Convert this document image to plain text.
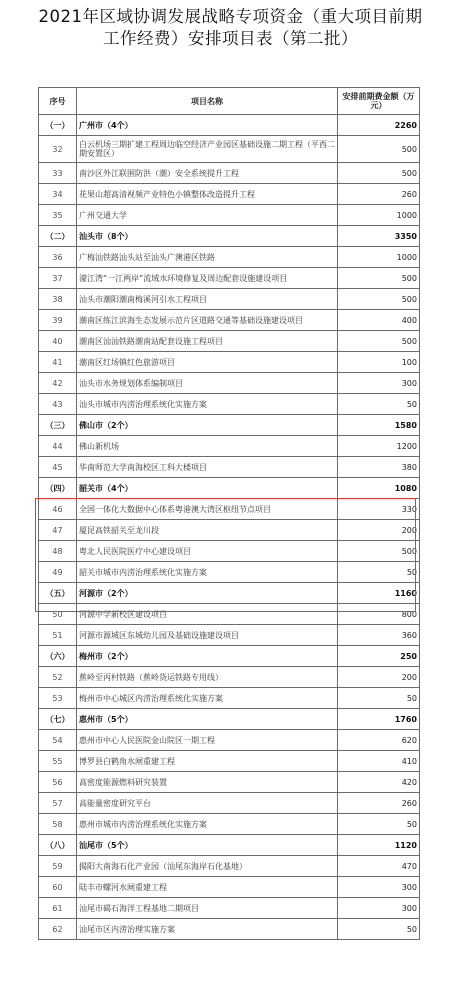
2021年区域协调发展战略专项资金（重大项目前期
工作经费）安排项目表（第二批）
序号	项目名称	安排前期费金额（万元）
（一）	广州市（4个）	2260
32	白云机场三期扩建工程周边临空经济产业园区基础设施二期工程（平西二期安置区）	500
33	南沙区外江联围防洪（潮）安全系统提升工程	500
34	花果山超高清视频产业特色小镇整体改造提升工程	260
35	广州交通大学	1000
（二）	汕头市（8个）	3350
36	广梅汕铁路汕头站至汕头广澳港区铁路	1000
37	濠江湾“一江两岸”流域水环境修复及周边配套设施建设项目	500
38	汕头市潮阳潮南梅溪河引水工程项目	500
39	潮南区练江滨海生态发展示范片区道路交通等基础设施建设项目	400
40	潮南区汕汕铁路潮南站配套设施工程项目	500
41	潮南区红场镇红色旅游项目	100
42	汕头市水务规划体系编制项目	300
43	汕头市城市内涝治理系统化实施方案	50
（三）	佛山市（2个）	1580
44	佛山新机场	1200
45	华南师范大学南海校区工科大楼项目	380
（四）	韶关市（4个）	1080
46	全国一体化大数据中心体系粤港澳大湾区枢纽节点项目	330
47	厦昆高铁韶关至龙川段	200
48	粤北人民医院医疗中心建设项目	500
49	韶关市城市内涝治理系统化实施方案	50
（五）	河源市（2个）	1160
50	河源中学新校区建设项目	800
51	河源市源城区东城幼儿园及基础设施建设项目	360
（六）	梅州市（2个）	250
52	蕉岭至丙村铁路（蕉岭货运铁路专用线）	200
53	梅州市中心城区内涝治理系统化实施方案	50
（七）	惠州市（5个）	1760
54	惠州市中心人民医院金山院区一期工程	620
55	博罗县白鹤角水闸重建工程	410
56	高密度能源燃料研究装置	420
57	高能量密度研究平台	260
58	惠州市城市内涝治理系统化实施方案	50
（八）	汕尾市（5个）	1120
59	揭阳大南海石化产业园（汕尾东海岸石化基地）	470
60	陆丰市螺河水闸重建工程	300
61	汕尾市碣石海洋工程基地二期项目	300
62	汕尾市区内涝治理实施方案	50
